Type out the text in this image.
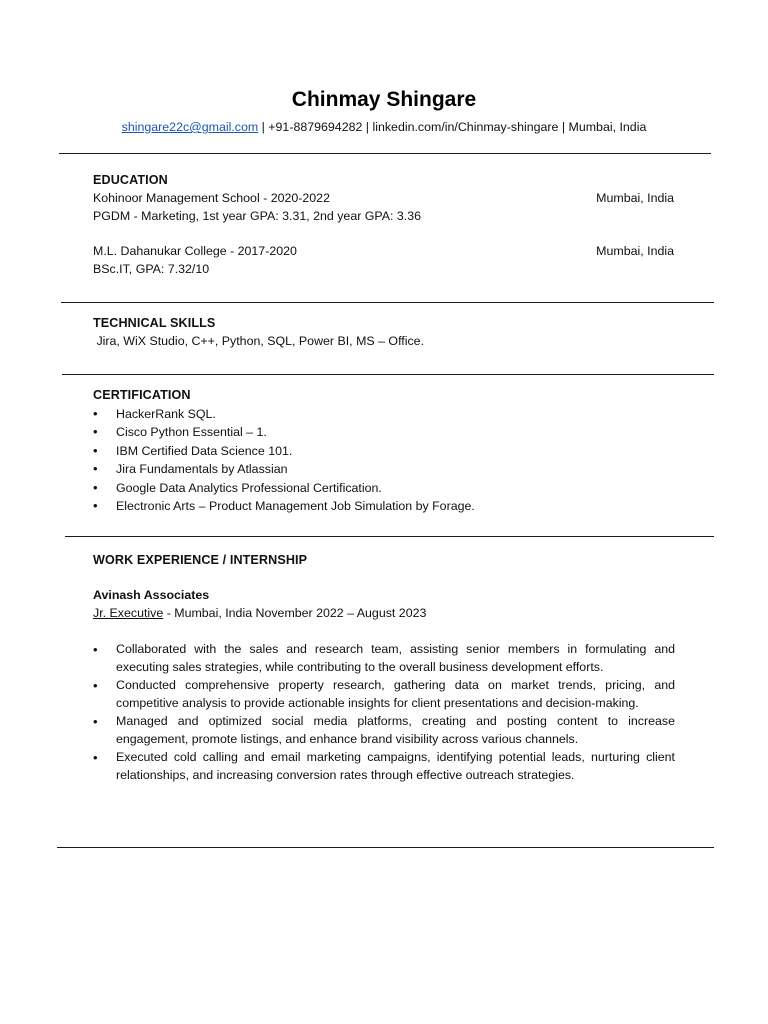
Chinmay Shingare
shingare22c@gmail.com | +91-8879694282 | linkedin.com/in/Chinmay-shingare | Mumbai, India
EDUCATION
Kohinoor Management School - 2020-2022	Mumbai, India
PGDM - Marketing, 1st year GPA: 3.31, 2nd year GPA: 3.36
M.L. Dahanukar College - 2017-2020	Mumbai, India
BSc.IT, GPA: 7.32/10
TECHNICAL SKILLS
Jira, WiX Studio, C++, Python, SQL, Power BI, MS – Office.
CERTIFICATION
• HackerRank SQL.
• Cisco Python Essential – 1.
• IBM Certified Data Science 101.
• Jira Fundamentals by Atlassian
• Google Data Analytics Professional Certification.
• Electronic Arts – Product Management Job Simulation by Forage.
WORK EXPERIENCE / INTERNSHIP
Avinash Associates
Jr. Executive - Mumbai, India November 2022 – August 2023
• Collaborated with the sales and research team, assisting senior members in formulating and executing sales strategies, while contributing to the overall business development efforts.
• Conducted comprehensive property research, gathering data on market trends, pricing, and competitive analysis to provide actionable insights for client presentations and decision-making.
• Managed and optimized social media platforms, creating and posting content to increase engagement, promote listings, and enhance brand visibility across various channels.
• Executed cold calling and email marketing campaigns, identifying potential leads, nurturing client relationships, and increasing conversion rates through effective outreach strategies.
